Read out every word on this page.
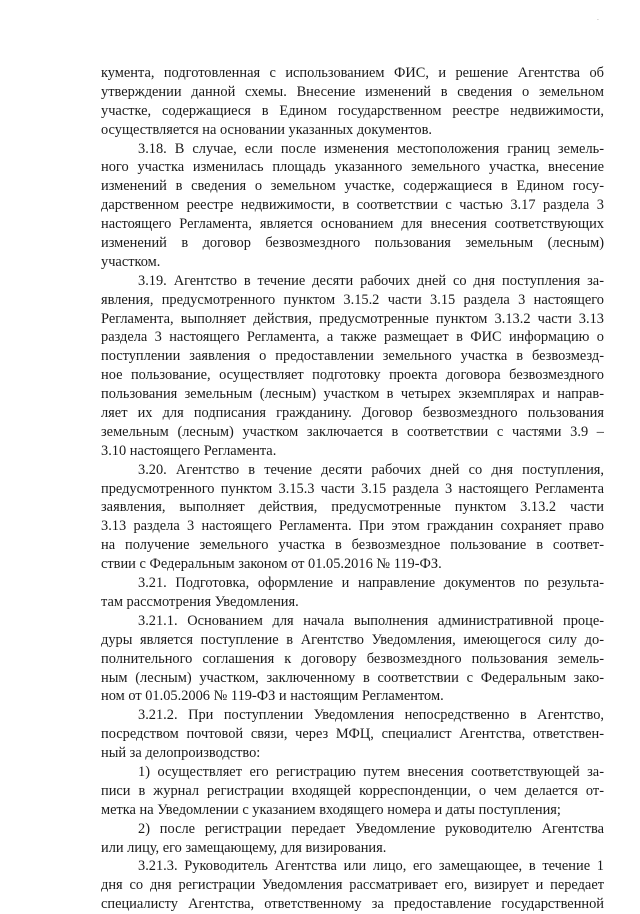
·
кумента, подготовленная с использованием ФИС, и решение Агентства об
утверждении данной схемы. Внесение изменений в сведения о земельном
участке, содержащиеся в Едином государственном реестре недвижимости,
осуществляется на основании указанных документов.
3.18. В случае, если после изменения местоположения границ земель-
ного участка изменилась площадь указанного земельного участка, внесение
изменений в сведения о земельном участке, содержащиеся в Едином госу-
дарственном реестре недвижимости, в соответствии с частью 3.17 раздела 3
настоящего Регламента, является основанием для внесения соответствующих
изменений в договор безвозмездного пользования земельным (лесным)
участком.
3.19. Агентство в течение десяти рабочих дней со дня поступления за-
явления, предусмотренного пунктом 3.15.2 части 3.15 раздела 3 настоящего
Регламента, выполняет действия, предусмотренные пунктом 3.13.2 части 3.13
раздела 3 настоящего Регламента, а также размещает в ФИС информацию о
поступлении заявления о предоставлении земельного участка в безвозмезд-
ное пользование, осуществляет подготовку проекта договора безвозмездного
пользования земельным (лесным) участком в четырех экземплярах и направ-
ляет их для подписания гражданину. Договор безвозмездного пользования
земельным (лесным) участком заключается в соответствии с частями 3.9 –
3.10 настоящего Регламента.
3.20. Агентство в течение десяти рабочих дней со дня поступления,
предусмотренного пунктом 3.15.3 части 3.15 раздела 3 настоящего Регламента
заявления, выполняет действия, предусмотренные пунктом 3.13.2 части
3.13 раздела 3 настоящего Регламента. При этом гражданин сохраняет право
на получение земельного участка в безвозмездное пользование в соответ-
ствии с Федеральным законом от 01.05.2016 № 119-ФЗ.
3.21. Подготовка, оформление и направление документов по результа-
там рассмотрения Уведомления.
3.21.1. Основанием для начала выполнения административной проце-
дуры является поступление в Агентство Уведомления, имеющегося силу до-
полнительного соглашения к договору безвозмездного пользования земель-
ным (лесным) участком, заключенному в соответствии с Федеральным зако-
ном от 01.05.2006 № 119-ФЗ и настоящим Регламентом.
3.21.2. При поступлении Уведомления непосредственно в Агентство,
посредством почтовой связи, через МФЦ, специалист Агентства, ответствен-
ный за делопроизводство:
1) осуществляет его регистрацию путем внесения соответствующей за-
писи в журнал регистрации входящей корреспонденции, о чем делается от-
метка на Уведомлении с указанием входящего номера и даты поступления;
2) после регистрации передает Уведомление руководителю Агентства
или лицу, его замещающему, для визирования.
3.21.3. Руководитель Агентства или лицо, его замещающее, в течение 1
дня со дня регистрации Уведомления рассматривает его, визирует и передает
специалисту Агентства, ответственному за предоставление государственной
